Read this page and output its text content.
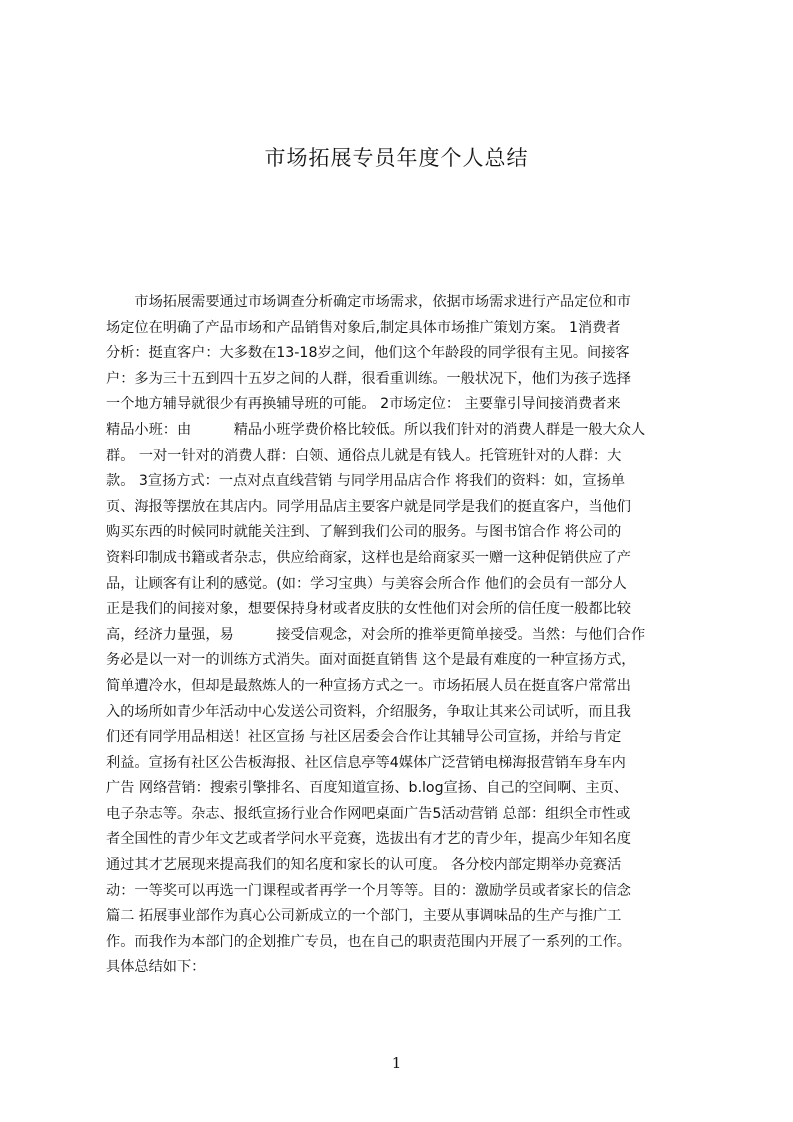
市场拓展专员年度个人总结
　　市场拓展需要通过市场调查分析确定市场需求，依据市场需求进行产品定位和市
场定位在明确了产品市场和产品销售对象后,制定具体市场推广策划方案。 1消费者
分析：挺直客户：大多数在13-18岁之间，他们这个年龄段的同学很有主见。间接客
户：多为三十五到四十五岁之间的人群，很看重训练。一般状况下，他们为孩子选择
一个地方辅导就很少有再换辅导班的可能。 2市场定位： 主要靠引导间接消费者来
精品小班：由　　　精品小班学费价格比较低。所以我们针对的消费人群是一般大众人
群。 一对一针对的消费人群：白领、通俗点儿就是有钱人。托管班针对的人群：大
款。 3宣扬方式：一点对点直线营销 与同学用品店合作 将我们的资料：如，宣扬单
页、海报等摆放在其店内。同学用品店主要客户就是同学是我们的挺直客户，当他们
购买东西的时候同时就能关注到、了解到我们公司的服务。与图书馆合作 将公司的
资料印制成书籍或者杂志，供应给商家，这样也是给商家买一赠一这种促销供应了产
品，让顾客有让利的感觉。(如：学习宝典）与美容会所合作 他们的会员有一部分人
正是我们的间接对象，想要保持身材或者皮肤的女性他们对会所的信任度一般都比较
高，经济力量强，易　　　接受信观念，对会所的推举更简单接受。当然：与他们合作
务必是以一对一的训练方式消失。面对面挺直销售 这个是最有难度的一种宣扬方式，
简单遭冷水，但却是最熬炼人的一种宣扬方式之一。市场拓展人员在挺直客户常常出
入的场所如青少年活动中心发送公司资料，介绍服务，争取让其来公司试听，而且我
们还有同学用品相送！社区宣扬 与社区居委会合作让其辅导公司宣扬，并给与肯定
利益。宣扬有社区公告板海报、社区信息亭等4媒体广泛营销电梯海报营销车身车内
广告 网络营销：搜索引擎排名、百度知道宣扬、b.log宣扬、自己的空间啊、主页、
电子杂志等。杂志、报纸宣扬行业合作网吧桌面广告5活动营销 总部：组织全市性或
者全国性的青少年文艺或者学问水平竞赛，选拔出有才艺的青少年，提高少年知名度
通过其才艺展现来提高我们的知名度和家长的认可度。 各分校内部定期举办竞赛活
动：一等奖可以再选一门课程或者再学一个月等等。目的：激励学员或者家长的信念
篇二 拓展事业部作为真心公司新成立的一个部门，主要从事调味品的生产与推广工
作。而我作为本部门的企划推广专员，也在自己的职责范围内开展了一系列的工作。
具体总结如下：
1
